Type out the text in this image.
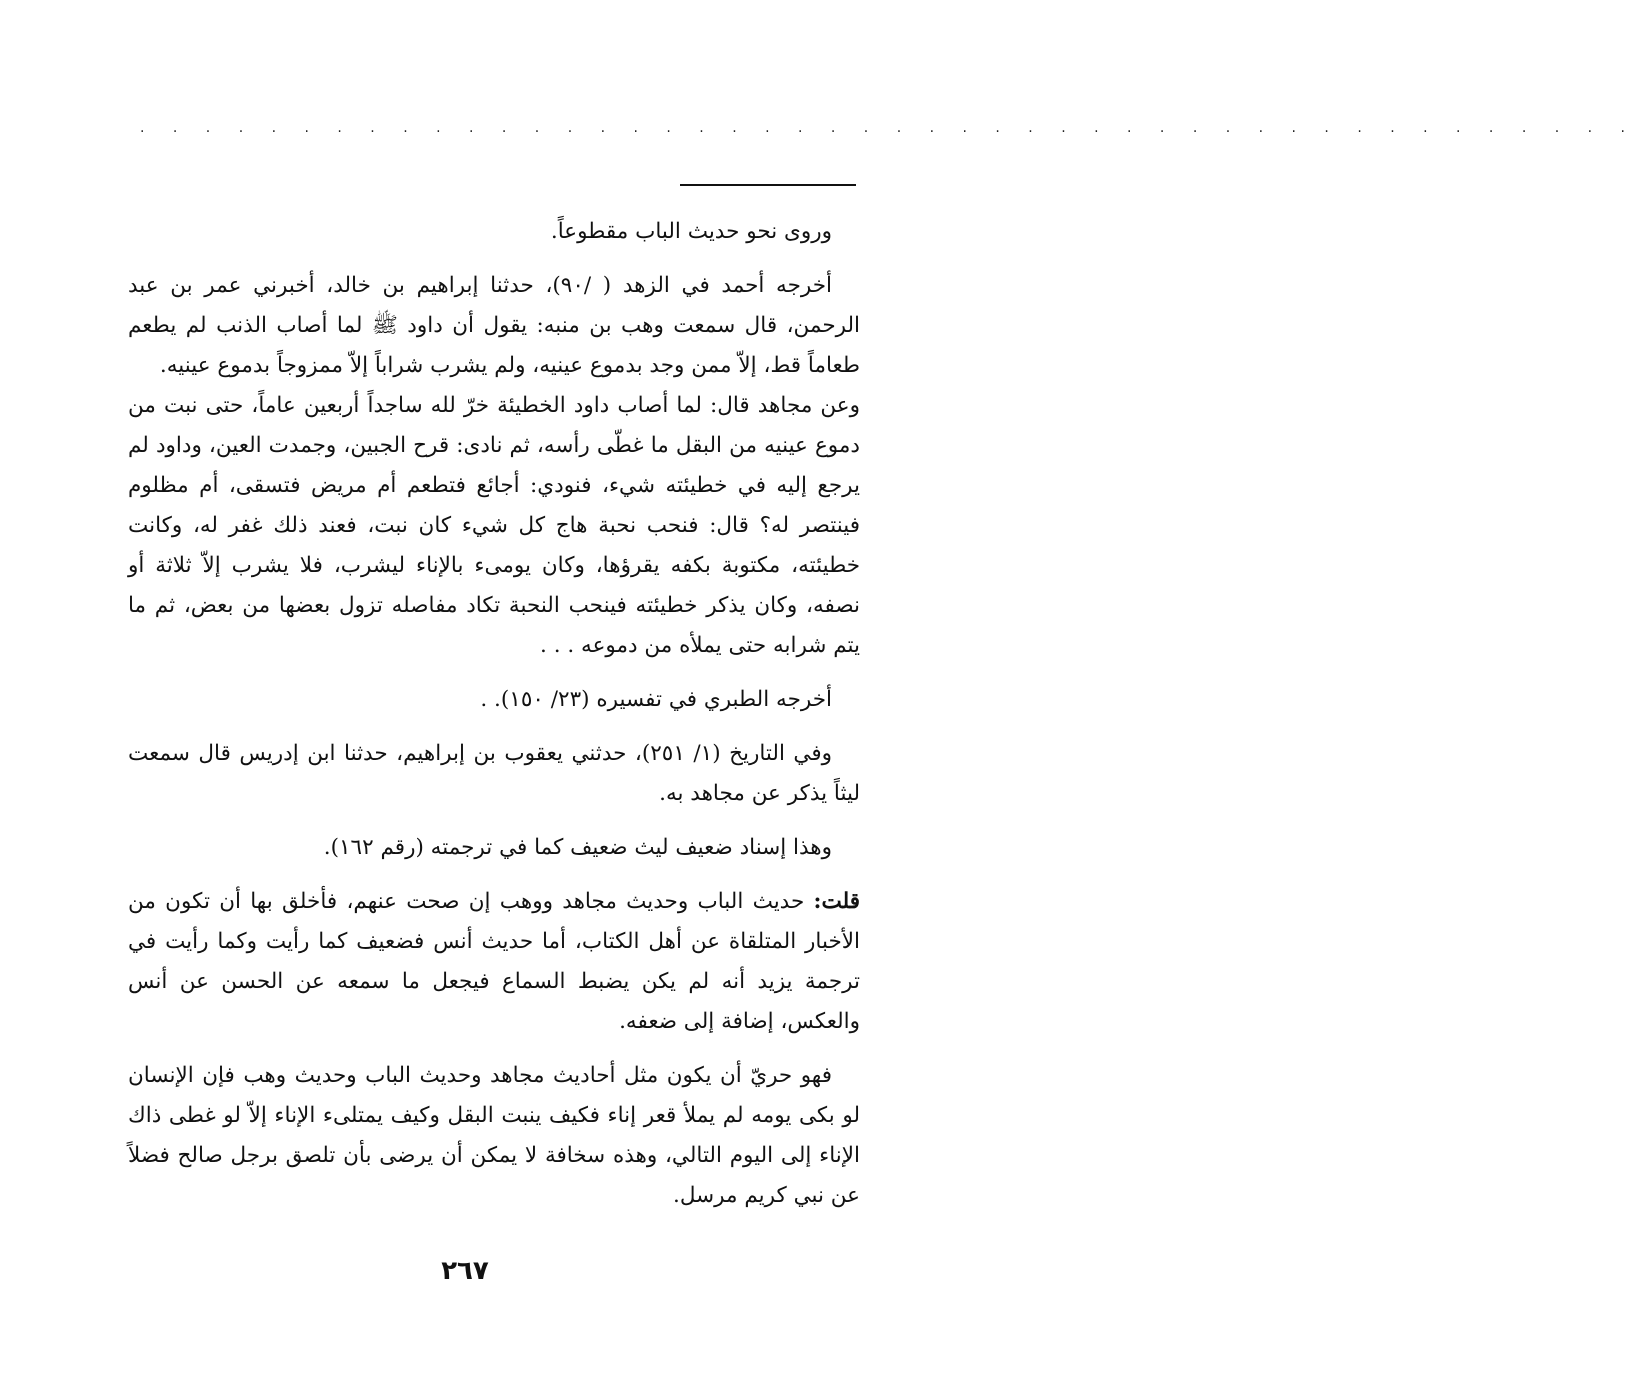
. . . . . . . . . . . . . . . . . . . . . . . . . . . . . . . . . . . . . . . . . . . . . .

وروى نحو حديث الباب مقطوعاً.

أخرجه أحمد في الزهد ( /٩٠)، حدثنا إبراهيم بن خالد، أخبرني عمر بن عبد الرحمن، قال سمعت وهب بن منبه: يقول أن داود ﷺ لما أصاب الذنب لم يطعم طعاماً قط، إلاّ ممن وجد بدموع عينيه، ولم يشرب شراباً إلاّ ممزوجاً بدموع عينيه.

وعن مجاهد قال: لما أصاب داود الخطيئة خرّ لله ساجداً أربعين عاماً، حتى نبت من دموع عينيه من البقل ما غطّى رأسه، ثم نادى: قرح الجبين، وجمدت العين، وداود لم يرجع إليه في خطيئته شيء، فنودي: أجائع فتطعم أم مريض فتسقى، أم مظلوم فينتصر له؟ قال: فنحب نحبة هاج كل شيء كان نبت، فعند ذلك غفر له، وكانت خطيئته، مكتوبة بكفه يقرؤها، وكان يومىء بالإناء ليشرب، فلا يشرب إلاّ ثلاثة أو نصفه، وكان يذكر خطيئته فينحب النحبة تكاد مفاصله تزول بعضها من بعض، ثم ما يتم شرابه حتى يملأه من دموعه . . .

أخرجه الطبري في تفسيره (٢٣/ ١٥٠). .

وفي التاريخ (١/ ٢٥١)، حدثني يعقوب بن إبراهيم، حدثنا ابن إدريس قال سمعت ليثاً يذكر عن مجاهد به.

وهذا إسناد ضعيف ليث ضعيف كما في ترجمته (رقم ١٦٢).

قلت: حديث الباب وحديث مجاهد ووهب إن صحت عنهم، فأخلق بها أن تكون من الأخبار المتلقاة عن أهل الكتاب، أما حديث أنس فضعيف كما رأيت وكما رأيت في ترجمة يزيد أنه لم يكن يضبط السماع فيجعل ما سمعه عن الحسن عن أنس والعكس، إضافة إلى ضعفه.

فهو حريّ أن يكون مثل أحاديث مجاهد وحديث الباب وحديث وهب فإن الإنسان لو بكى يومه لم يملأ قعر إناء فكيف ينبت البقل وكيف يمتلىء الإناء إلاّ لو غطى ذاك الإناء إلى اليوم التالي، وهذه سخافة لا يمكن أن يرضى بأن تلصق برجل صالح فضلاً عن نبي كريم مرسل.

٢٦٧
